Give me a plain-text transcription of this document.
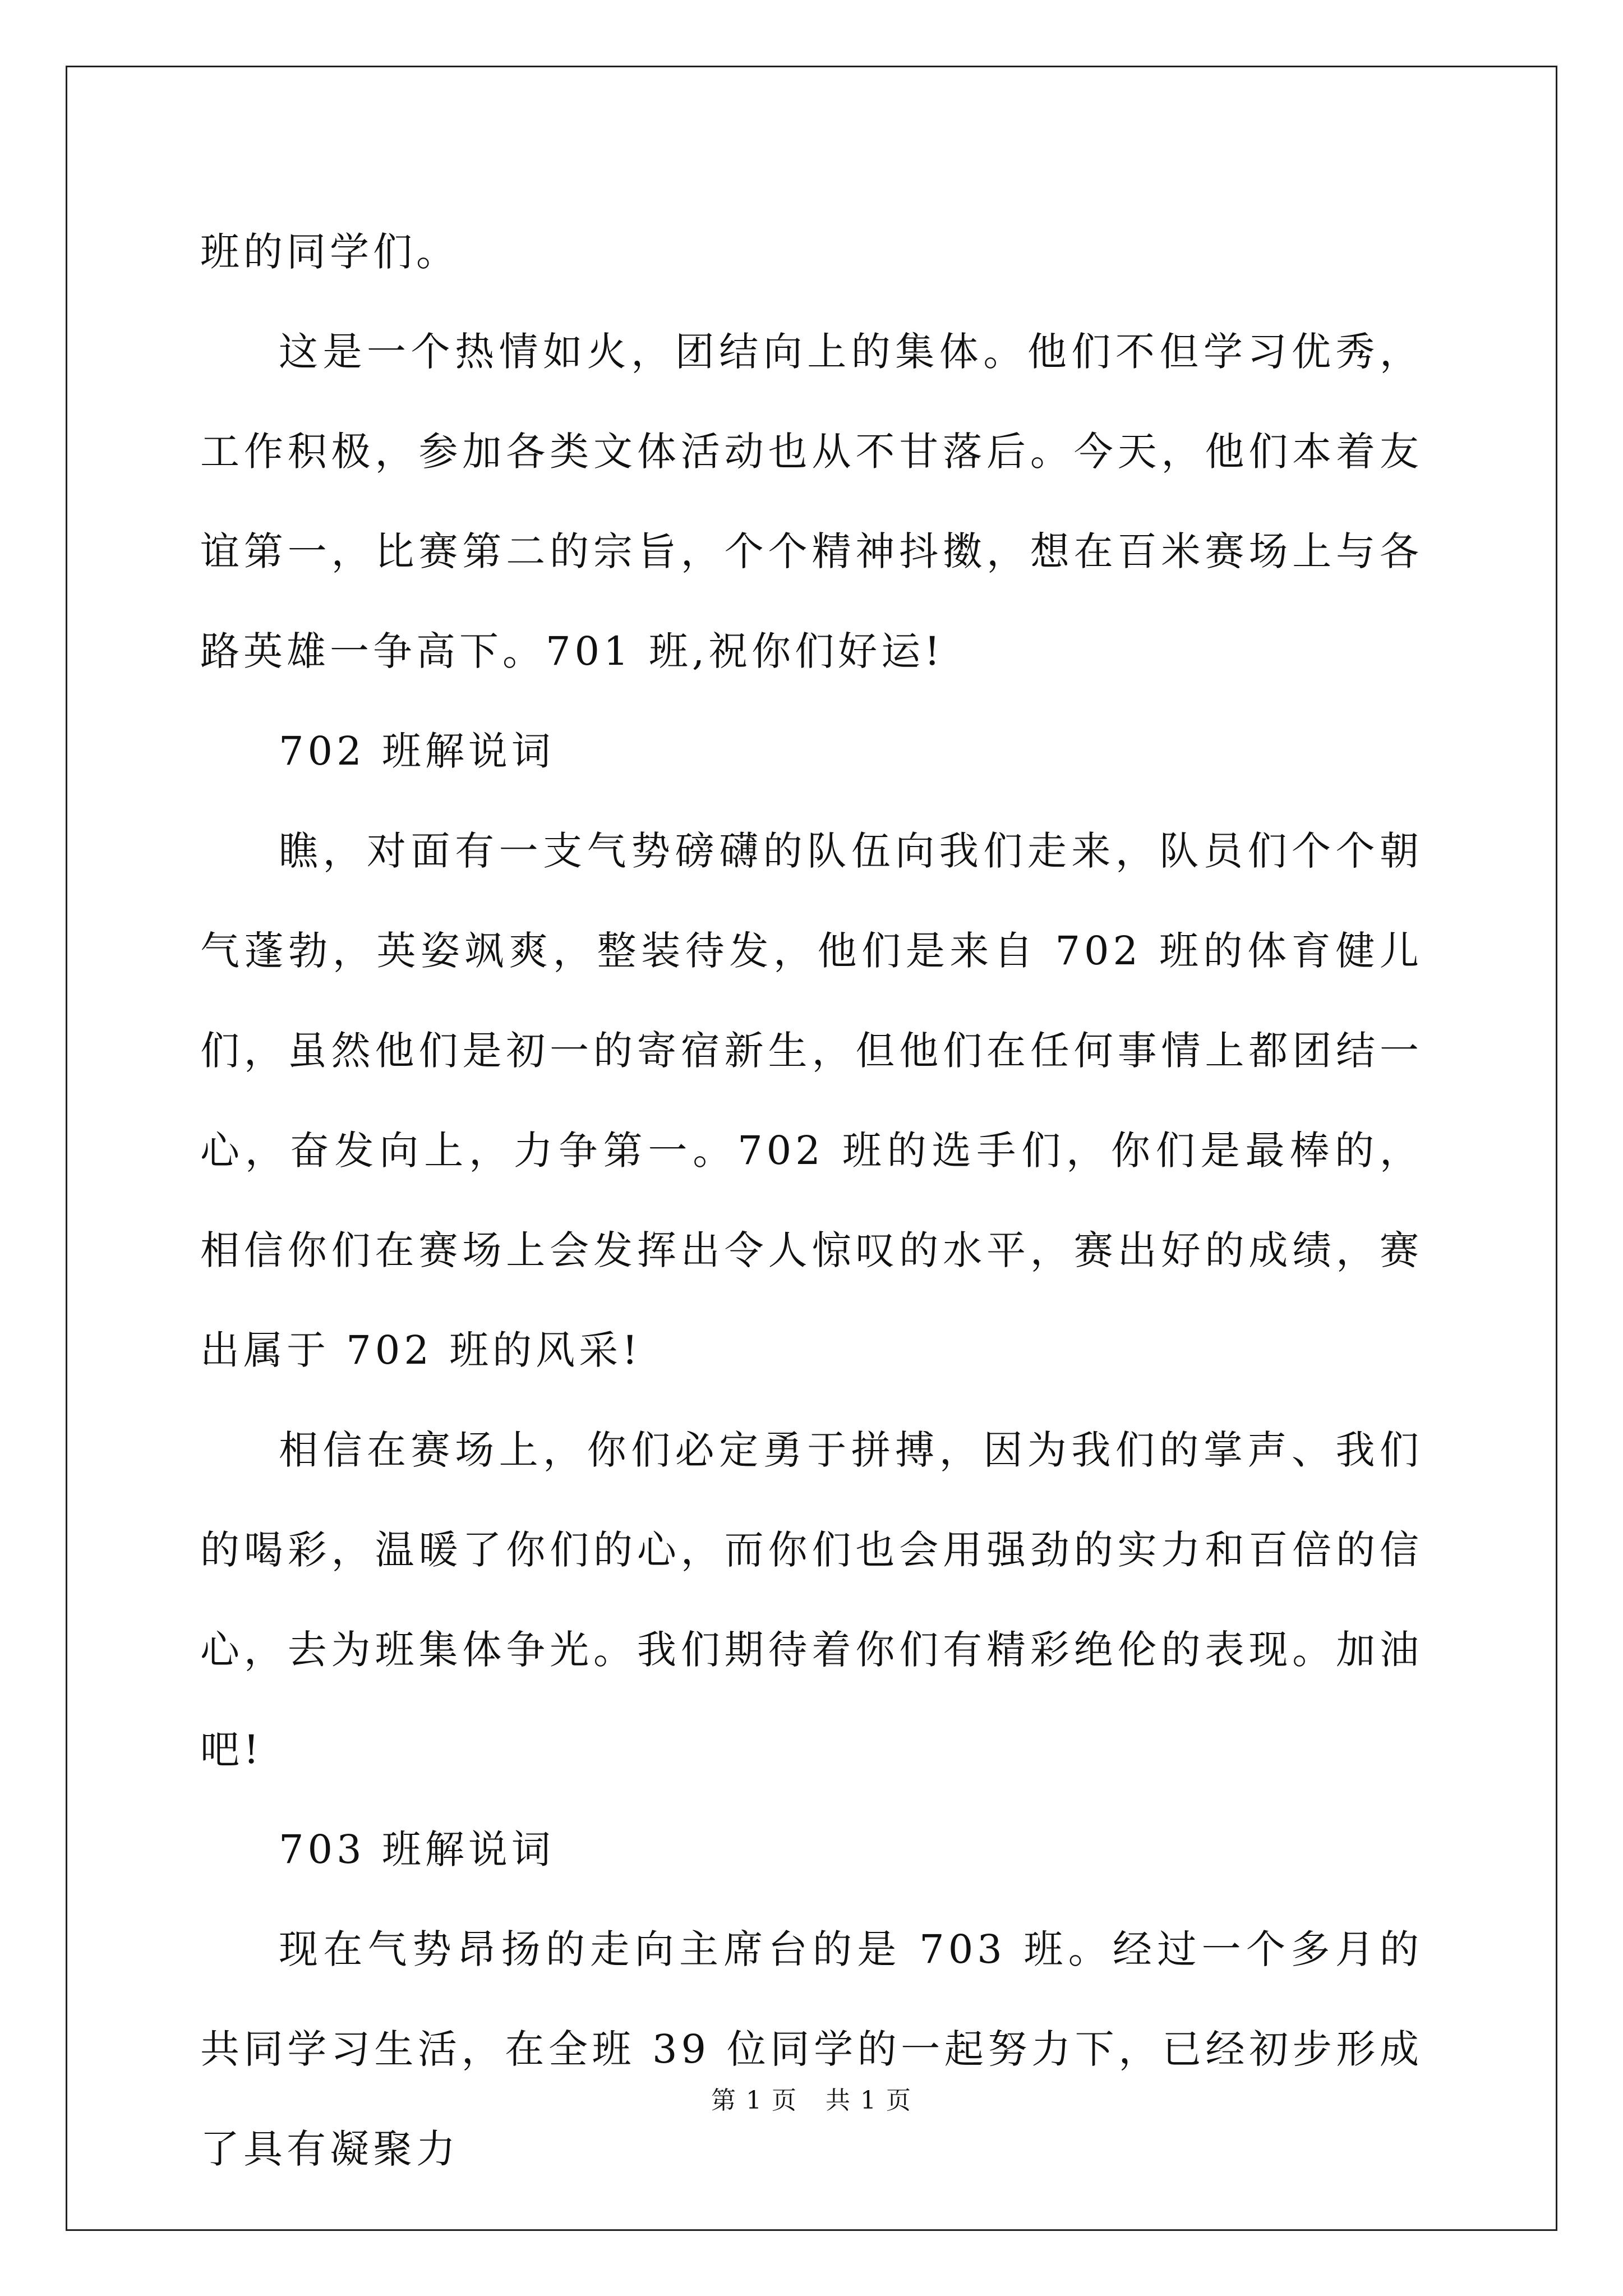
班的同学们。

这是一个热情如火，团结向上的集体。他们不但学习优秀，工作积极，参加各类文体活动也从不甘落后。今天，他们本着友谊第一，比赛第二的宗旨，个个精神抖擞，想在百米赛场上与各路英雄一争高下。701 班,祝你们好运!

702 班解说词

瞧，对面有一支气势磅礴的队伍向我们走来，队员们个个朝气蓬勃，英姿飒爽，整装待发，他们是来自 702 班的体育健儿们，虽然他们是初一的寄宿新生，但他们在任何事情上都团结一心，奋发向上，力争第一。702 班的选手们，你们是最棒的，相信你们在赛场上会发挥出令人惊叹的水平，赛出好的成绩，赛出属于 702 班的风采!

相信在赛场上，你们必定勇于拼搏，因为我们的掌声、我们的喝彩，温暖了你们的心，而你们也会用强劲的实力和百倍的信心，去为班集体争光。我们期待着你们有精彩绝伦的表现。加油吧!

703 班解说词

现在气势昂扬的走向主席台的是 703 班。经过一个多月的共同学习生活，在全班 39 位同学的一起努力下，已经初步形成了具有凝聚力

第 1 页 共 1 页
